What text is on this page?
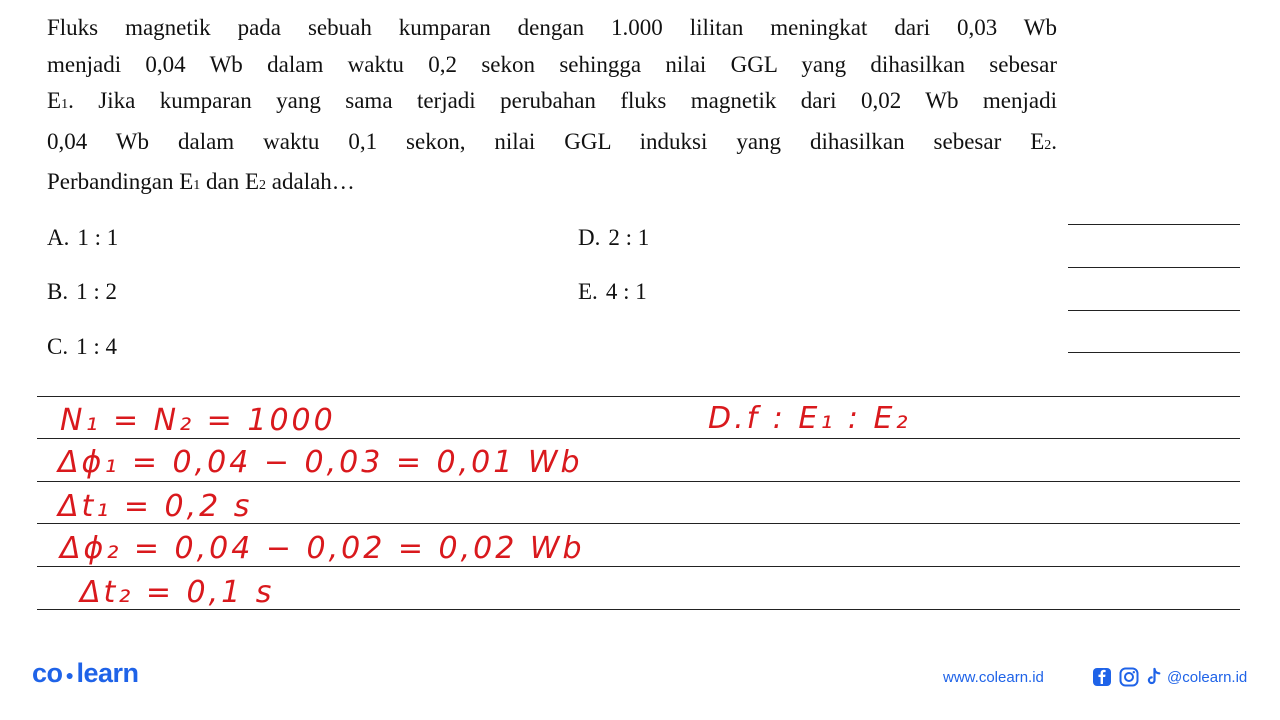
Fluks magnetik pada sebuah kumparan dengan 1.000 lilitan meningkat dari 0,03 Wb
menjadi 0,04 Wb dalam waktu 0,2 sekon sehingga nilai GGL yang dihasilkan sebesar
E1. Jika kumparan yang sama terjadi perubahan fluks magnetik dari 0,02 Wb menjadi
0,04 Wb dalam waktu 0,1 sekon, nilai GGL induksi yang dihasilkan sebesar E2.
Perbandingan E1 dan E2 adalah…
A. 1 : 1
B. 1 : 2
C. 1 : 4
D. 2 : 1
E. 4 : 1
N₁ = N₂ = 1000	D.f : E₁ : E₂
Δϕ₁ = 0,04 − 0,03 = 0,01 Wb
Δt₁ = 0,2 s
Δϕ₂ = 0,04 − 0,02 = 0,02 Wb
Δt₂ = 0,1 s
co ● learn	www.colearn.id	@colearn.id
